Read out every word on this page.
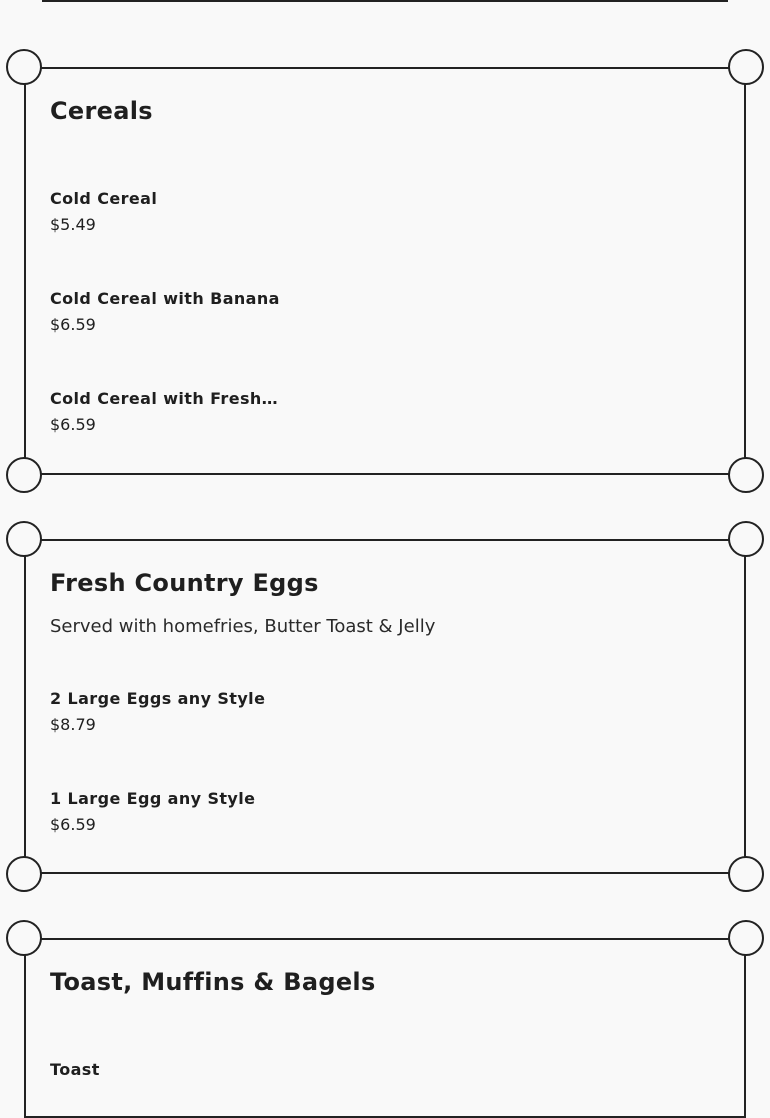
Cereals
Cold Cereal
$5.49
Cold Cereal with Banana
$6.59
Cold Cereal with Fresh…
$6.59
Fresh Country Eggs

Served with homefries, Butter Toast & Jelly

2 Large Eggs any Style
$8.79
1 Large Egg any Style
$6.59
Toast, Muffins & Bagels
Toast
